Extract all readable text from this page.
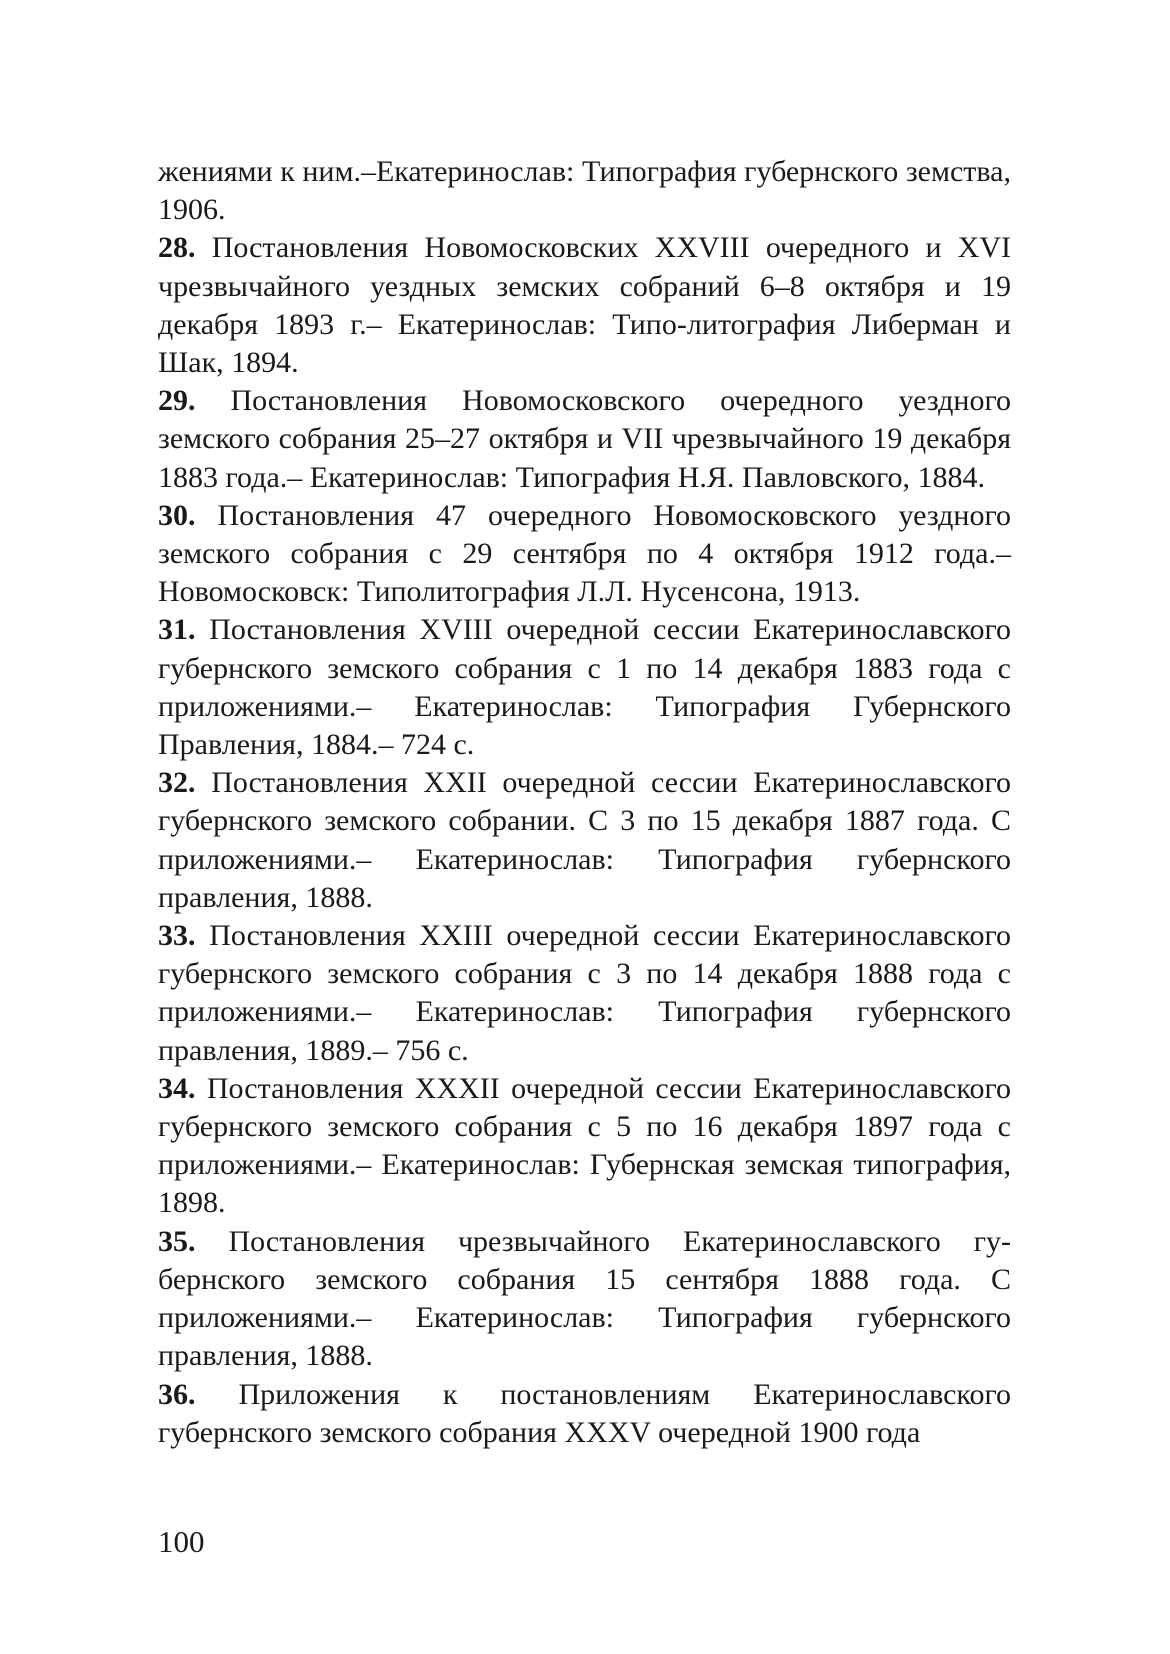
жениями к ним.–Екатеринослав: Типография губернского земства, 1906.

28. Постановления Новомосковских XXVIII очередного и XVI чрезвычайного уездных земских собраний 6–8 октября и 19 декабря 1893 г.– Екатеринослав: Типо-литография Либерман и Шак, 1894.

29. Постановления Новомосковского очередного уездного земского собрания 25–27 октября и VII чрезвычайного 19 декабря 1883 года.– Екатеринослав: Типография Н.Я. Павловского, 1884.

30. Постановления 47 очередного Новомосковского уездного земского собрания с 29 сентября по 4 октября 1912 года.– Новомосковск: Типолитография Л.Л. Нусенсона, 1913.

31. Постановления XVIII очередной сессии Екатеринославского губернского земского собрания с 1 по 14 декабря 1883 года с приложениями.– Екатеринослав: Типография Губернского Правления, 1884.– 724 с.

32. Постановления XXII очередной сессии Екатеринославского губернского земского собрании. С 3 по 15 декабря 1887 года. С приложениями.– Екатеринослав: Типография губернского правления, 1888.

33. Постановления XXIII очередной сессии Екатеринославского губернского земского собрания с 3 по 14 декабря 1888 года с приложениями.– Екатеринослав: Типография губернского правления, 1889.– 756 с.

34. Постановления XXXII очередной сессии Екатеринославского губернского земского собрания с 5 по 16 декабря 1897 года с приложениями.– Екатеринослав: Губернская земская типография, 1898.

35. Постановления чрезвычайного Екатеринославского губернского земского собрания 15 сентября 1888 года. С приложениями.– Екатеринослав: Типография губернского правления, 1888.

36. Приложения к постановлениям Екатеринославского губернского земского собрания XXXV очередной 1900 года

100
